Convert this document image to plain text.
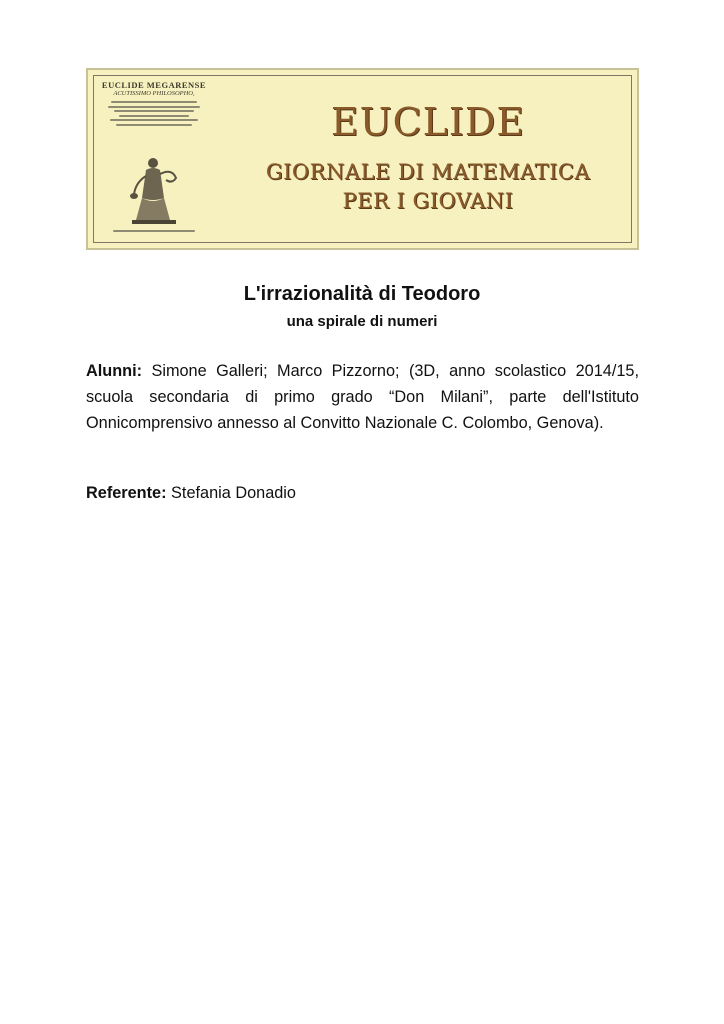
EUCLIDE MEGARENSE
ACUTISSIMO PHILOSOPHO,
EUCLIDE
GIORNALE DI MATEMATICA
PER I GIOVANI
L'irrazionalità di Teodoro
una spirale di numeri
Alunni: Simone Galleri; Marco Pizzorno; (3D, anno scolastico 2014/15, scuola secondaria di primo grado “Don Milani”, parte dell'Istituto Onnicomprensivo annesso al Convitto Nazionale C. Colombo, Genova).
Referente: Stefania Donadio
